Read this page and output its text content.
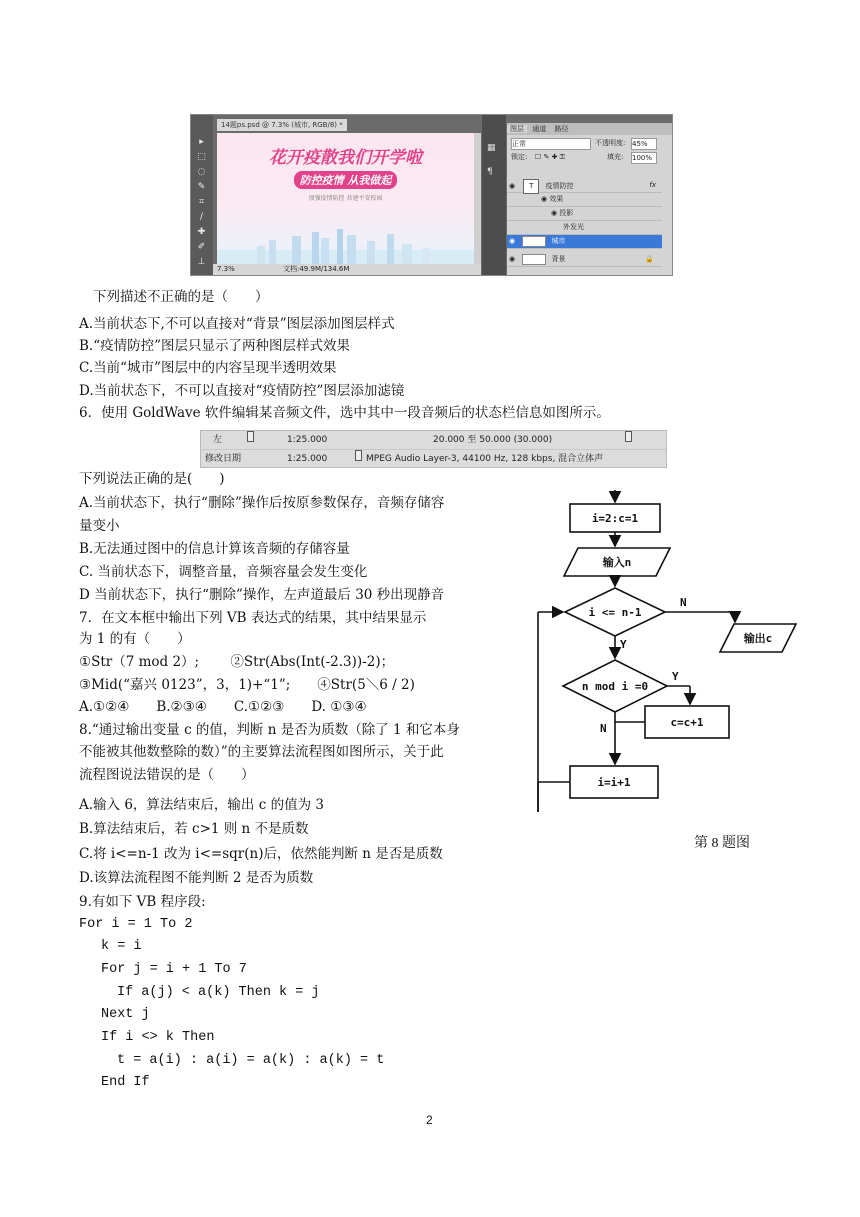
▸
⬚
◌
✎
⌗
∕
✚
✐
⊥
14题ps.psd @ 7.3% (城市, RGB/8) *
花开疫散我们开学啦
防控疫情 从我做起
加强疫情防控 共建平安校园
7.3%	文档:49.9M/134.6M
▦
¶
图层 通道 路径
正常	不透明度: 45%
锁定: ☐ ✎ ✚ ⚿	填充: 100%
◉ T 疫情防控	fx
◉ 效果
◉ 投影
外发光
◉	城市
◉	背景	🔒
下列描述不正确的是（　　）
A.当前状态下,不可以直接对“背景”图层添加图层样式
B.“疫情防控”图层只显示了两种图层样式效果
C.当前“城市”图层中的内容呈现半透明效果
D.当前状态下，不可以直接对“疫情防控”图层添加滤镜
6．使用 GoldWave 软件编辑某音频文件，选中其中一段音频后的状态栏信息如图所示。
左	1:25.000	20.000 至 50.000 (30.000)
修改日期	1:25.000	MPEG Audio Layer-3, 44100 Hz, 128 kbps, 混合立体声
下列说法正确的是(　　)
A.当前状态下，执行“删除”操作后按原参数保存，音频存储容
量变小
B.无法通过图中的信息计算该音频的存储容量
C. 当前状态下，调整音量，音频容量会发生变化
D 当前状态下，执行“删除”操作，左声道最后 30 秒出现静音
7．在文本框中输出下列 VB 表达式的结果，其中结果显示
为 1 的有（　　）
①Str（7 mod 2）;　　 ②Str(Abs(Int(-2.3))-2)；
③Mid(“嘉兴 0123”，3，1)+“1”;　　④Str(5＼6 / 2)
A.①②④　　B.②③④　　C.①②③　　D. ①③④
8.“通过输出变量 c 的值，判断 n 是否为质数（除了 1 和它本身
不能被其他数整除的数）”的主要算法流程图如图所示，关于此
流程图说法错误的是（　　）
A.输入 6，算法结束后，输出 c 的值为 3
B.算法结束后，若 c>1 则 n 不是质数
C.将 i<=n-1 改为 i<=sqr(n)后，依然能判断 n 是否是质数
D.该算法流程图不能判断 2 是否为质数
i=2:c=1
输入n
i <= n-1
N
Y	输出c
n mod i =0
Y
N	c=c+1
i=i+1
第 8 题图
9.有如下 VB 程序段:
For i = 1 To 2
k = i
For j = i + 1 To 7
If a(j) < a(k) Then k = j
Next j
If i <> k Then
t = a(i) : a(i) = a(k) : a(k) = t
End If
2
